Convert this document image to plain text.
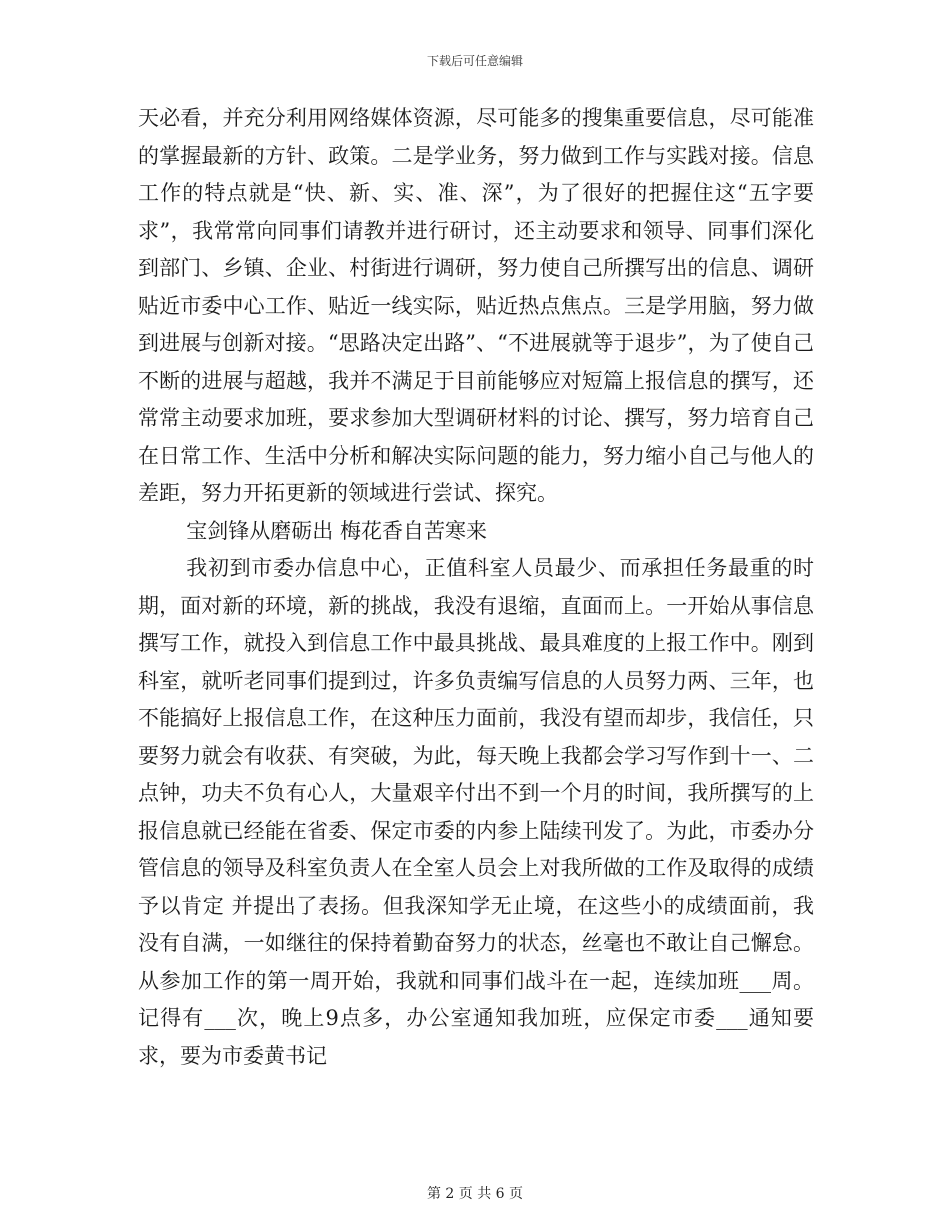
下载后可任意编辑

天必看，并充分利用网络媒体资源，尽可能多的搜集重要信息，尽可能准的掌握最新的方针、政策。二是学业务，努力做到工作与实践对接。信息工作的特点就是“快、新、实、准、深”，为了很好的把握住这“五字要求”，我常常向同事们请教并进行研讨，还主动要求和领导、同事们深化到部门、乡镇、企业、村街进行调研，努力使自己所撰写出的信息、调研贴近市委中心工作、贴近一线实际，贴近热点焦点。三是学用脑，努力做到进展与创新对接。“思路决定出路”、“不进展就等于退步”，为了使自己不断的进展与超越，我并不满足于目前能够应对短篇上报信息的撰写，还常常主动要求加班，要求参加大型调研材料的讨论、撰写，努力培育自己在日常工作、生活中分析和解决实际问题的能力，努力缩小自己与他人的差距，努力开拓更新的领域进行尝试、探究。

宝剑锋从磨砺出 梅花香自苦寒来

我初到市委办信息中心，正值科室人员最少、而承担任务最重的时期，面对新的环境，新的挑战，我没有退缩，直面而上。一开始从事信息撰写工作，就投入到信息工作中最具挑战、最具难度的上报工作中。刚到科室，就听老同事们提到过，许多负责编写信息的人员努力两、三年，也不能搞好上报信息工作，在这种压力面前，我没有望而却步，我信任，只要努力就会有收获、有突破，为此，每天晚上我都会学习写作到十一、二点钟，功夫不负有心人，大量艰辛付出不到一个月的时间，我所撰写的上报信息就已经能在省委、保定市委的内参上陆续刊发了。为此，市委办分管信息的领导及科室负责人在全室人员会上对我所做的工作及取得的成绩予以肯定 并提出了表扬。但我深知学无止境，在这些小的成绩面前，我没有自满，一如继往的保持着勤奋努力的状态，丝毫也不敢让自己懈怠。从参加工作的第一周开始，我就和同事们战斗在一起，连续加班___周。记得有___次，晚上9点多，办公室通知我加班，应保定市委___通知要求，要为市委黄书记

第 2 页 共 6 页
